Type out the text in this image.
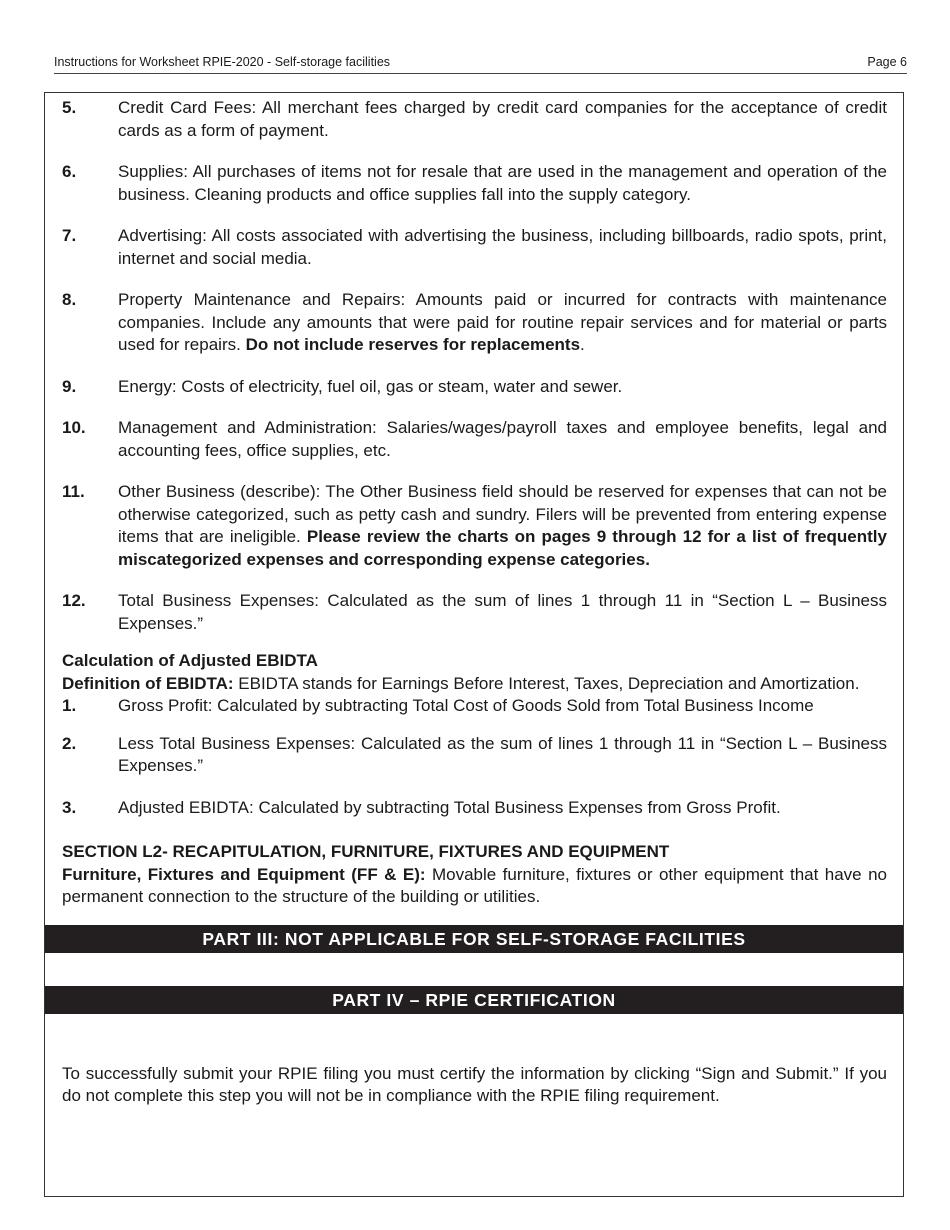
Instructions for Worksheet RPIE-2020 - Self-storage facilities	Page 6
5.	Credit Card Fees: All merchant fees charged by credit card companies for the acceptance of credit cards as a form of payment.
6.	Supplies: All purchases of items not for resale that are used in the management and operation of the business. Cleaning products and office supplies fall into the supply category.
7.	Advertising: All costs associated with advertising the business, including billboards, radio spots, print, internet and social media.
8.	Property Maintenance and Repairs: Amounts paid or incurred for contracts with maintenance companies. Include any amounts that were paid for routine repair services and for material or parts used for repairs. Do not include reserves for replacements.
9.	Energy: Costs of electricity, fuel oil, gas or steam, water and sewer.
10.	Management and Administration: Salaries/wages/payroll taxes and employee benefits, legal and accounting fees, office supplies, etc.
11.	Other Business (describe): The Other Business field should be reserved for expenses that can not be otherwise categorized, such as petty cash and sundry. Filers will be prevented from entering expense items that are ineligible. Please review the charts on pages 9 through 12 for a list of frequently miscategorized expenses and corresponding expense categories.
12.	Total Business Expenses: Calculated as the sum of lines 1 through 11 in “Section L – Business Expenses.”
Calculation of Adjusted EBIDTA
Definition of EBIDTA: EBIDTA stands for Earnings Before Interest, Taxes, Depreciation and Amortization.
1.	Gross Profit: Calculated by subtracting Total Cost of Goods Sold from Total Business Income
2.	Less Total Business Expenses: Calculated as the sum of lines 1 through 11 in “Section L – Business Expenses.”
3.	Adjusted EBIDTA: Calculated by subtracting Total Business Expenses from Gross Profit.
SECTION L2- RECAPITULATION, FURNITURE, FIXTURES AND EQUIPMENT
Furniture, Fixtures and Equipment (FF & E): Movable furniture, fixtures or other equipment that have no permanent connection to the structure of the building or utilities.
PART III: NOT APPLICABLE FOR SELF-STORAGE FACILITIES
PART IV – RPIE CERTIFICATION
To successfully submit your RPIE filing you must certify the information by clicking “Sign and Submit.” If you do not complete this step you will not be in compliance with the RPIE filing requirement.
